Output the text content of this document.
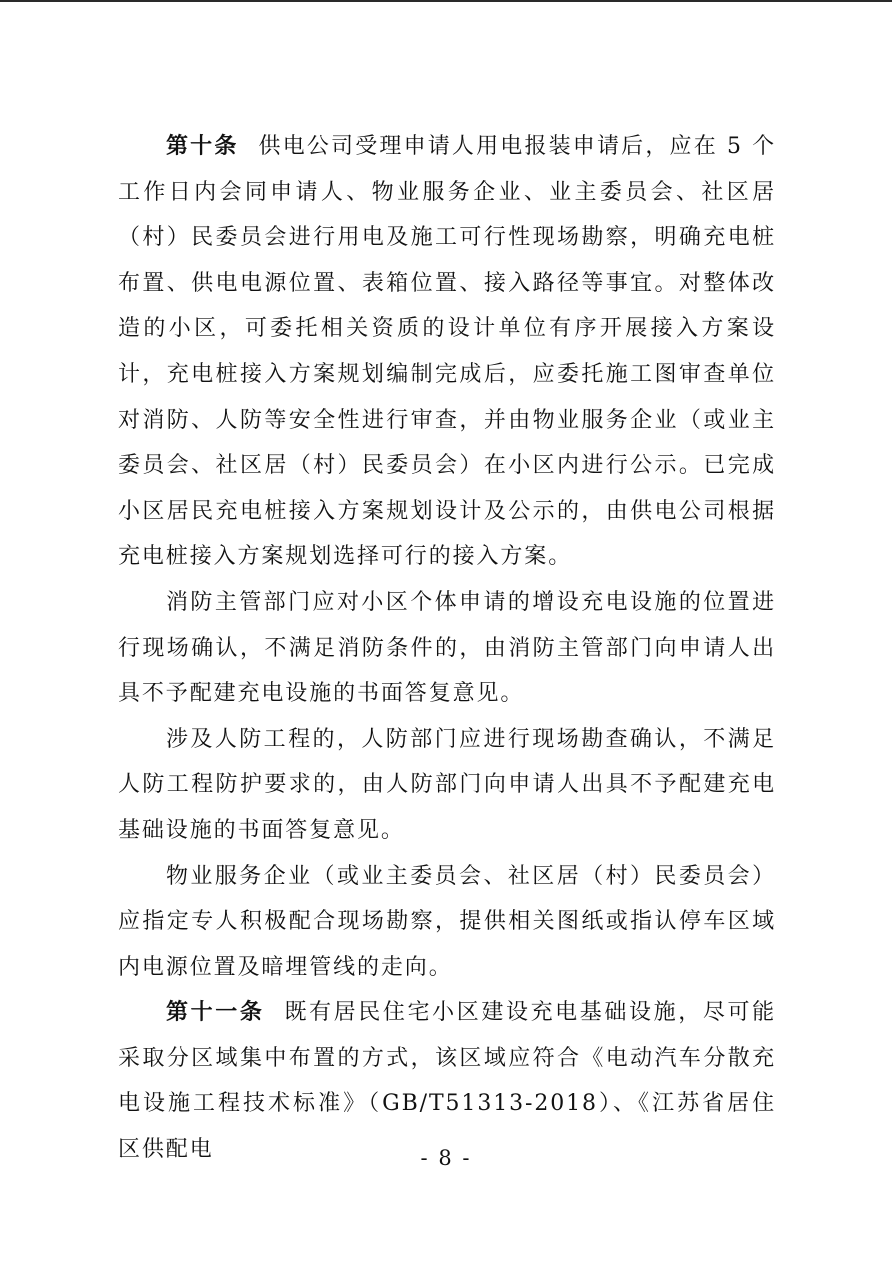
第十条 供电公司受理申请人用电报装申请后，应在 5 个工作日内会同申请人、物业服务企业、业主委员会、社区居（村）民委员会进行用电及施工可行性现场勘察，明确充电桩布置、供电电源位置、表箱位置、接入路径等事宜。对整体改造的小区，可委托相关资质的设计单位有序开展接入方案设计，充电桩接入方案规划编制完成后，应委托施工图审查单位对消防、人防等安全性进行审查，并由物业服务企业（或业主委员会、社区居（村）民委员会）在小区内进行公示。已完成小区居民充电桩接入方案规划设计及公示的，由供电公司根据充电桩接入方案规划选择可行的接入方案。

消防主管部门应对小区个体申请的增设充电设施的位置进行现场确认，不满足消防条件的，由消防主管部门向申请人出具不予配建充电设施的书面答复意见。

涉及人防工程的，人防部门应进行现场勘查确认，不满足人防工程防护要求的，由人防部门向申请人出具不予配建充电基础设施的书面答复意见。

物业服务企业（或业主委员会、社区居（村）民委员会）应指定专人积极配合现场勘察，提供相关图纸或指认停车区域内电源位置及暗埋管线的走向。

第十一条 既有居民住宅小区建设充电基础设施，尽可能采取分区域集中布置的方式，该区域应符合《电动汽车分散充电设施工程技术标准》（GB/T51313-2018）、《江苏省居住区供配电	- 8 -
